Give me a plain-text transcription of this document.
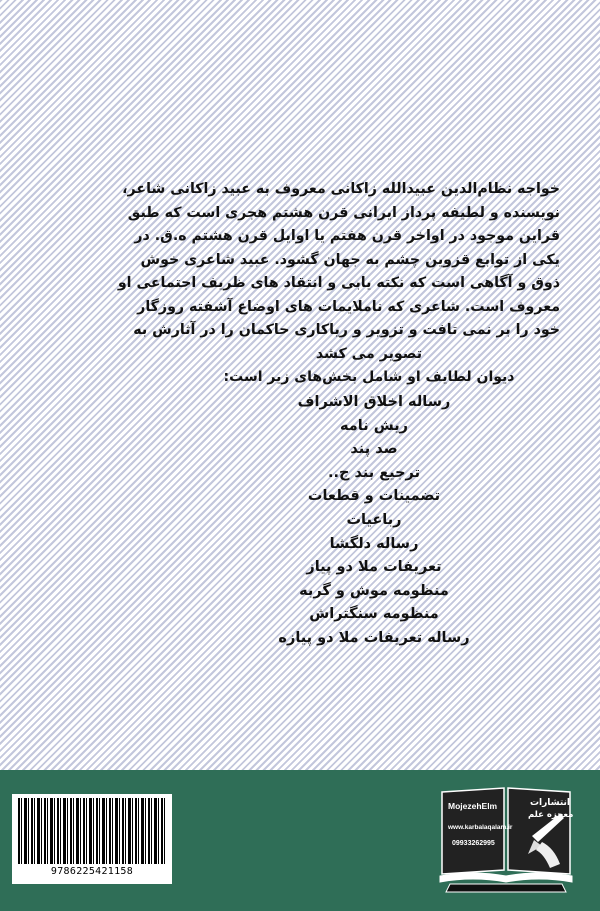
خواجه نظام‌الدین عبیدالله زاکانی معروف به عبید زاکانی شاعر،

نویسنده و لطیفه پرداز ایرانی قرن هشتم هجری است که طبق

قراین موجود در اواخر قرن هفتم یا اوایل قرن هشتم ه.ق. در

یکی از توابع قزوین چشم به جهان گشود. عبید شاعری خوش

ذوق و آگاهی است که نکته یابی و انتقاد های ظریف اجتماعی او

معروف است. شاعری که ناملایمات های اوضاع آشفته روزگار

خود را بر نمی تافت و تزویر و ریاکاری حاکمان را در آثارش به

تصویر می کشد

دیوان لطایف او شامل بخش‌های زیر است:

رساله اخلاق الاشراف
ریش نامه
صد پند
ترجیع بند ج..
تضمینات و قطعات
رباعیات
رساله دلگشا
تعریفات ملا دو پیاز
منظومه موش و گربه
منظومه سنگتراش
رساله تعریفات ملا دو پیازه
9786225421158
MojezehElm	انتشارات
معجزه علم
www.karbalaqalam.ir
09933262995
